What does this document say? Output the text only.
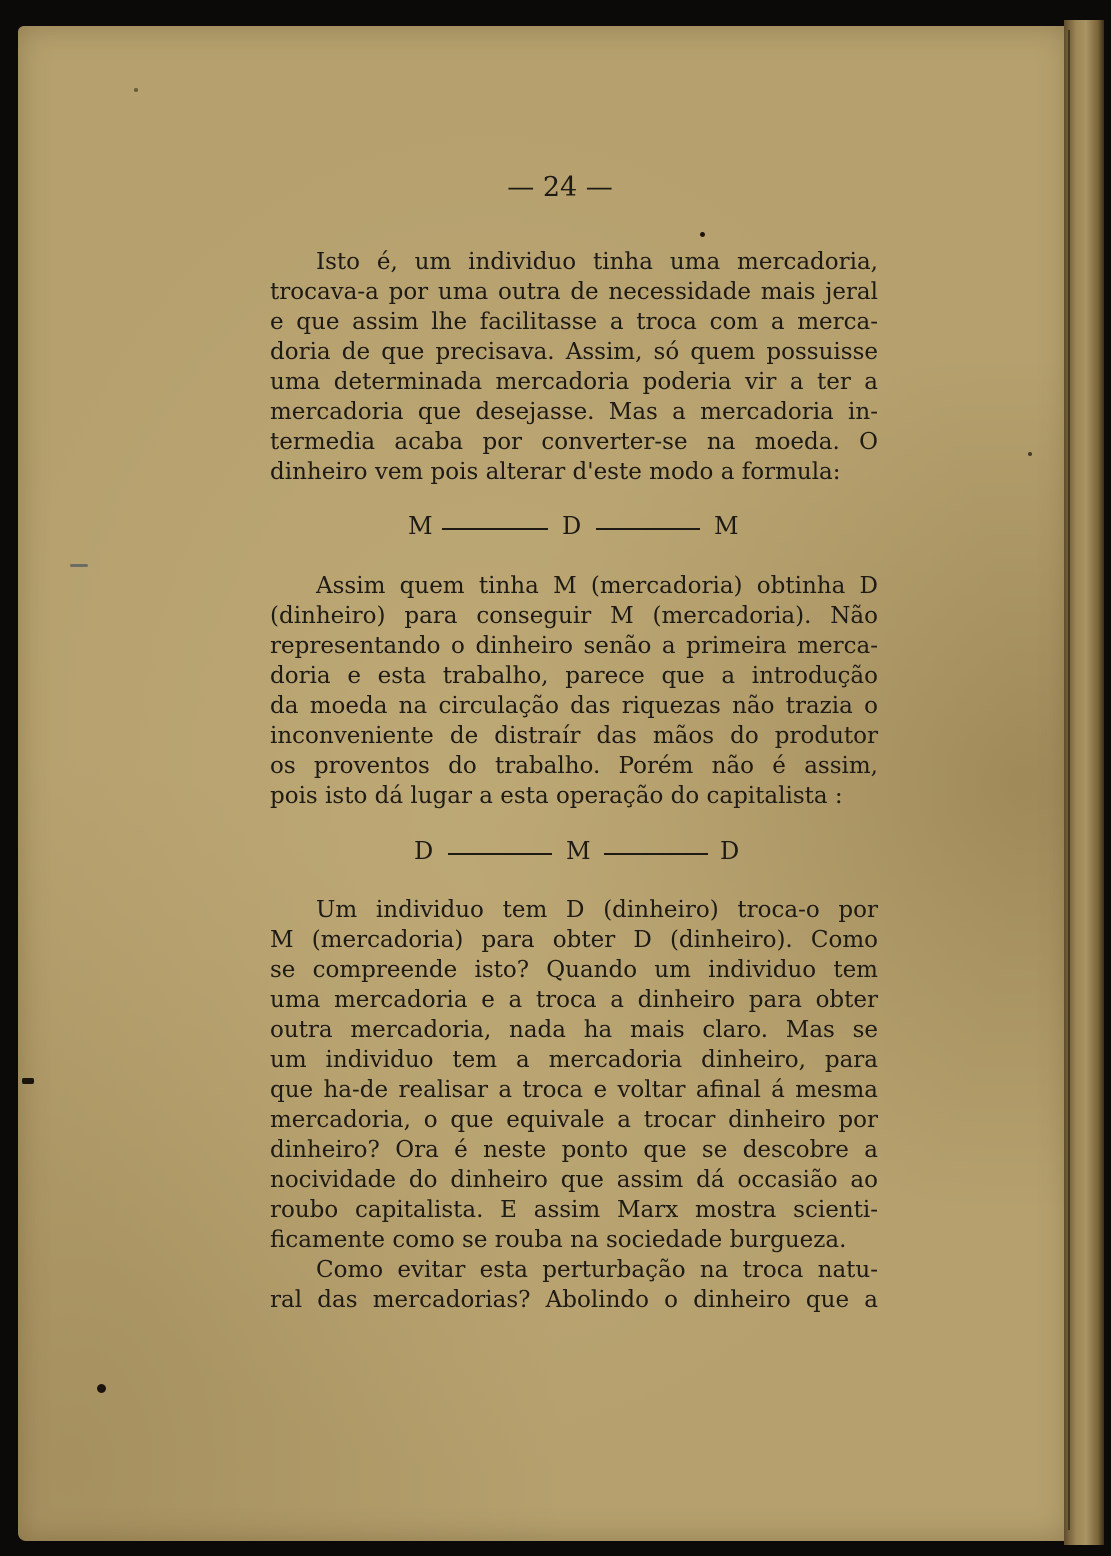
— 24 —
Isto é, um individuo tinha uma mercadoria,
trocava-a por uma outra de necessidade mais jeral
e que assim lhe facilitasse a troca com a merca-
doria de que precisava. Assim, só quem possuisse
uma determinada mercadoria poderia vir a ter a
mercadoria que desejasse. Mas a mercadoria in-
termedia acaba por converter-se na moeda. O
dinheiro vem pois alterar d'este modo a formula:
M	D	M
Assim quem tinha M (mercadoria) obtinha D
(dinheiro) para conseguir M (mercadoria). Não
representando o dinheiro senão a primeira merca-
doria e esta trabalho, parece que a introdução
da moeda na circulação das riquezas não trazia o
inconveniente de distraír das mãos do produtor
os proventos do trabalho. Porém não é assim,
pois isto dá lugar a esta operação do capitalista :
D	M	D
Um individuo tem D (dinheiro) troca-o por
M (mercadoria) para obter D (dinheiro). Como
se compreende isto? Quando um individuo tem
uma mercadoria e a troca a dinheiro para obter
outra mercadoria, nada ha mais claro. Mas se
um individuo tem a mercadoria dinheiro, para
que ha-de realisar a troca e voltar afinal á mesma
mercadoria, o que equivale a trocar dinheiro por
dinheiro? Ora é neste ponto que se descobre a
nocividade do dinheiro que assim dá occasião ao
roubo capitalista. E assim Marx mostra scienti-
ficamente como se rouba na sociedade burgueza.
Como evitar esta perturbação na troca natu-
ral das mercadorias? Abolindo o dinheiro que a
